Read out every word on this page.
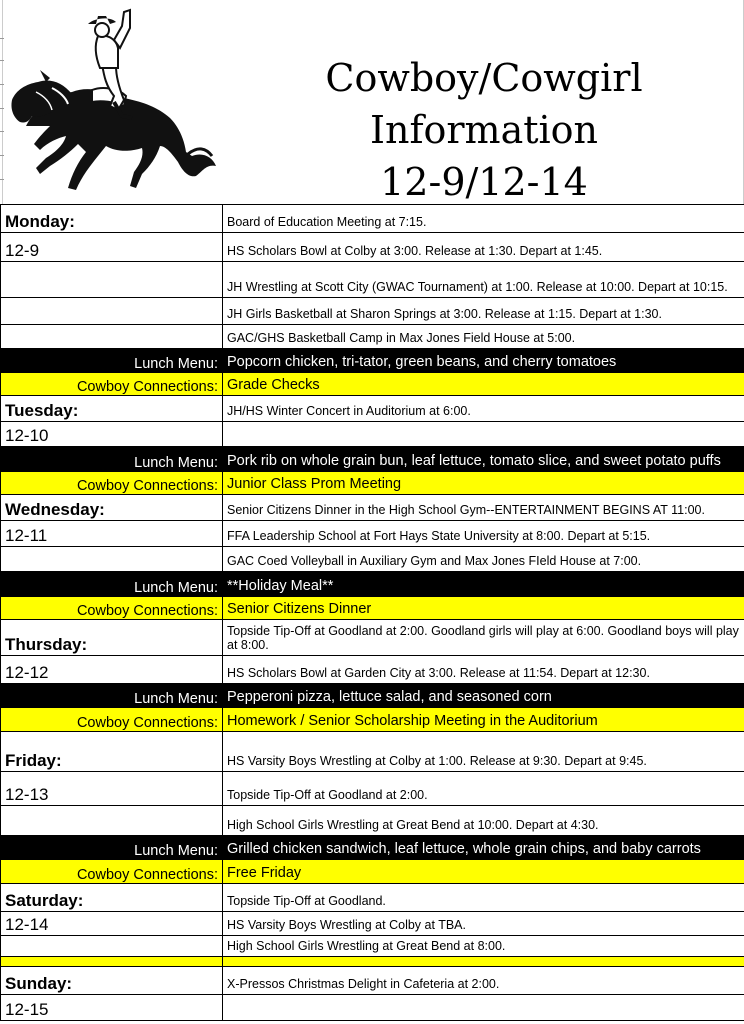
Cowboy/Cowgirl
Information
12-9/12-14
Monday:	Board of Education Meeting at 7:15.
12-9	HS Scholars Bowl at Colby at 3:00. Release at 1:30. Depart at 1:45.
	JH Wrestling at Scott City (GWAC Tournament) at 1:00. Release at 10:00. Depart at 10:15.
	JH Girls Basketball at Sharon Springs at 3:00. Release at 1:15. Depart at 1:30.
	GAC/GHS Basketball Camp in Max Jones Field House at 5:00.
Lunch Menu:	Popcorn chicken, tri-tator, green beans, and cherry tomatoes
Cowboy Connections:	Grade Checks
Tuesday:	JH/HS Winter Concert in Auditorium at 6:00.
12-10	
Lunch Menu:	Pork rib on whole grain bun, leaf lettuce, tomato slice, and sweet potato puffs
Cowboy Connections:	Junior Class Prom Meeting
Wednesday:	Senior Citizens Dinner in the High School Gym--ENTERTAINMENT BEGINS AT 11:00.
12-11	FFA Leadership School at Fort Hays State University at 8:00. Depart at 5:15.
	GAC Coed Volleyball in Auxiliary Gym and Max Jones FIeld House at 7:00.
Lunch Menu:	**Holiday Meal**
Cowboy Connections:	Senior Citizens Dinner
Thursday:	Topside Tip-Off at Goodland at 2:00. Goodland girls will play at 6:00. Goodland boys will play at 8:00.
12-12	HS Scholars Bowl at Garden City at 3:00. Release at 11:54. Depart at 12:30.
Lunch Menu:	Pepperoni pizza, lettuce salad, and seasoned corn
Cowboy Connections:	Homework / Senior Scholarship Meeting in the Auditorium
Friday:	HS Varsity Boys Wrestling at Colby at 1:00. Release at 9:30. Depart at 9:45.
12-13	Topside Tip-Off at Goodland at 2:00.
	High School Girls Wrestling at Great Bend at 10:00. Depart at 4:30.
Lunch Menu:	Grilled chicken sandwich, leaf lettuce, whole grain chips, and baby carrots
Cowboy Connections:	Free Friday
Saturday:	Topside Tip-Off at Goodland.
12-14	HS Varsity Boys Wrestling at Colby at TBA.
	High School Girls Wrestling at Great Bend at 8:00.

Sunday:	X-Pressos Christmas Delight in Cafeteria at 2:00.
12-15	
